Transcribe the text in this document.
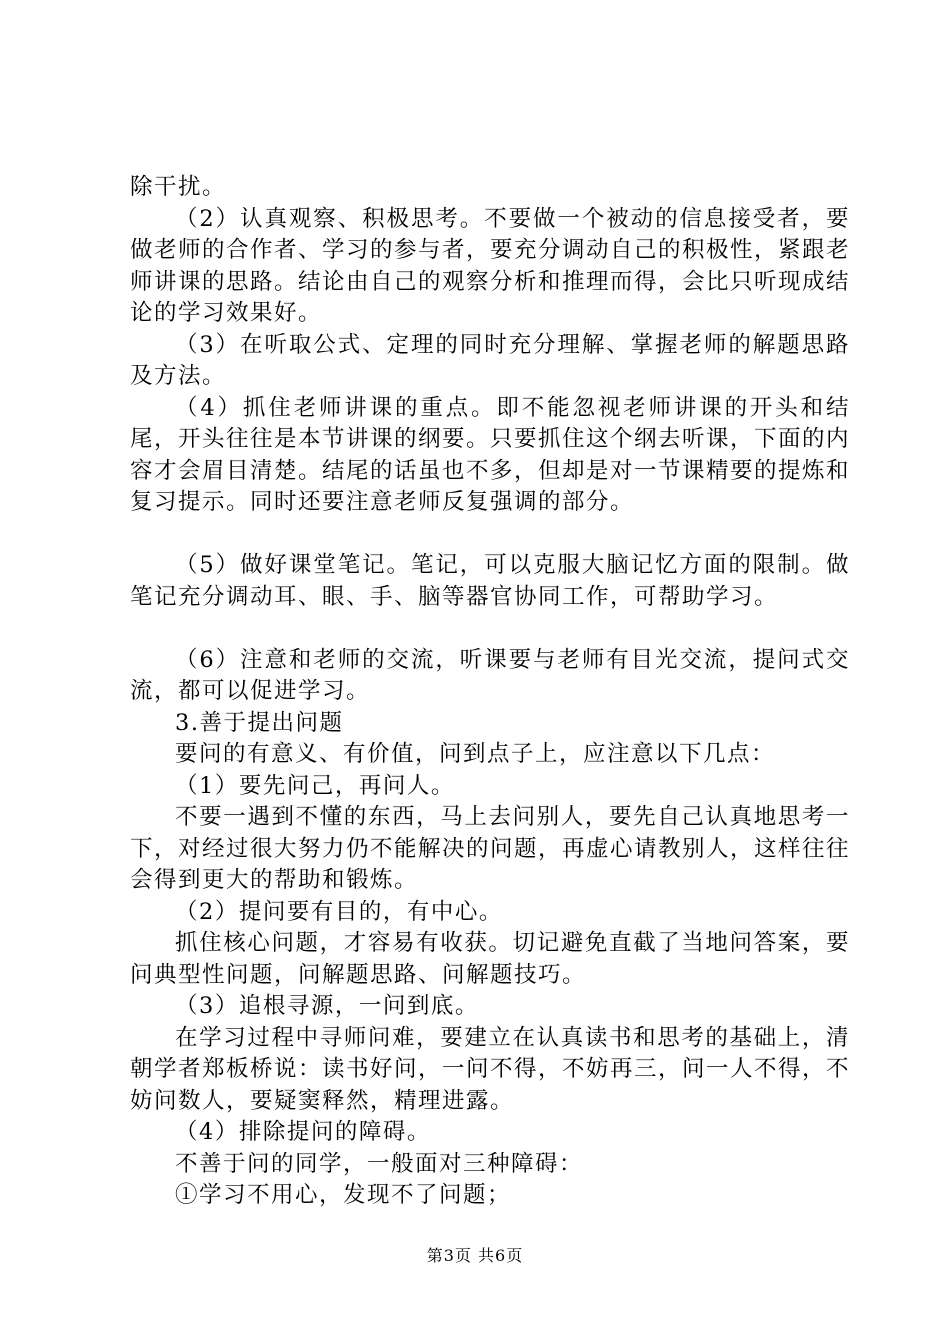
除干扰。

（2）认真观察、积极思考。不要做一个被动的信息接受者，要做老师的合作者、学习的参与者，要充分调动自己的积极性，紧跟老师讲课的思路。结论由自己的观察分析和推理而得，会比只听现成结论的学习效果好。

（3）在听取公式、定理的同时充分理解、掌握老师的解题思路及方法。

（4）抓住老师讲课的重点。即不能忽视老师讲课的开头和结尾，开头往往是本节讲课的纲要。只要抓住这个纲去听课，下面的内容才会眉目清楚。结尾的话虽也不多，但却是对一节课精要的提炼和复习提示。同时还要注意老师反复强调的部分。

（5）做好课堂笔记。笔记，可以克服大脑记忆方面的限制。做笔记充分调动耳、眼、手、脑等器官协同工作，可帮助学习。

（6）注意和老师的交流，听课要与老师有目光交流，提问式交流，都可以促进学习。

3.善于提出问题

要问的有意义、有价值，问到点子上，应注意以下几点：

（1）要先问己，再问人。

不要一遇到不懂的东西，马上去问别人，要先自己认真地思考一下，对经过很大努力仍不能解决的问题，再虚心请教别人，这样往往会得到更大的帮助和锻炼。

（2）提问要有目的，有中心。

抓住核心问题，才容易有收获。切记避免直截了当地问答案，要问典型性问题，问解题思路、问解题技巧。

（3）追根寻源，一问到底。

在学习过程中寻师问难，要建立在认真读书和思考的基础上，清朝学者郑板桥说：读书好问，一问不得，不妨再三，问一人不得，不妨问数人，要疑窦释然，精理进露。

（4）排除提问的障碍。

不善于问的同学，一般面对三种障碍：

①学习不用心，发现不了问题；

第3页 共6页
